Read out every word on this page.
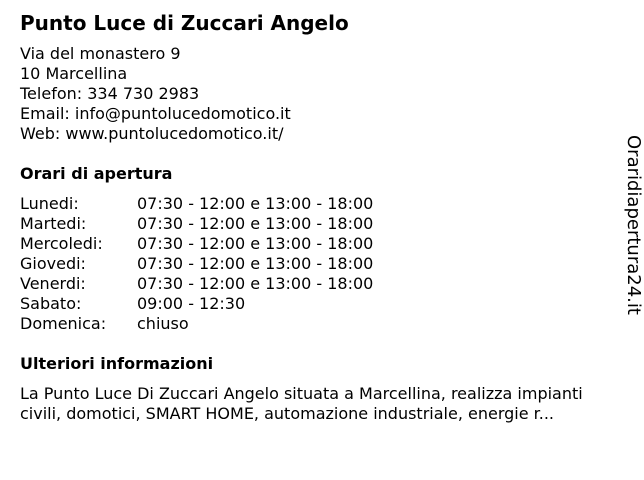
Punto Luce di Zuccari Angelo
Via del monastero 9
10 Marcellina
Telefon: 334 730 2983
Email: info@puntolucedomotico.it
Web: www.puntolucedomotico.it/
Orari di apertura
Lunedi:	07:30 - 12:00 e 13:00 - 18:00
Martedi:	07:30 - 12:00 e 13:00 - 18:00
Mercoledi:	07:30 - 12:00 e 13:00 - 18:00
Giovedi:	07:30 - 12:00 e 13:00 - 18:00
Venerdi:	07:30 - 12:00 e 13:00 - 18:00
Sabato:	09:00 - 12:30
Domenica:	chiuso
Ulteriori informazioni
La Punto Luce Di Zuccari Angelo situata a Marcellina, realizza impianti civili, domotici, SMART HOME, automazione industriale, energie r...
Oraridiapertura24.it
